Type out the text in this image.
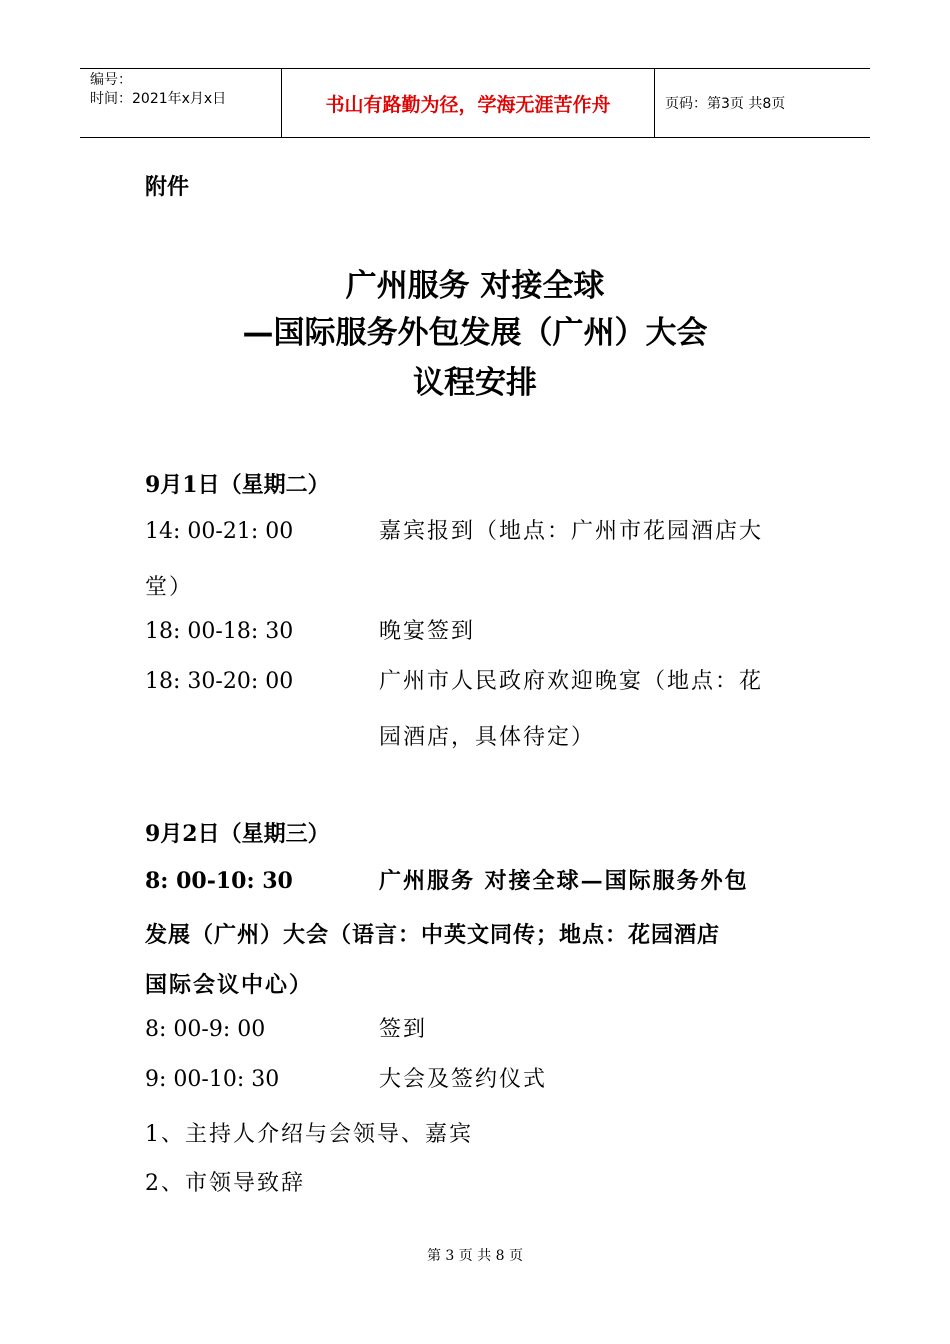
编号：
时间：2021年x月x日	书山有路勤为径，学海无涯苦作舟	页码：第3页 共8页
附件
广州服务 对接全球
—国际服务外包发展（广州）大会
议程安排
9月1日（星期二）
14: 00-21: 00	嘉宾报到（地点：广州市花园酒店大
堂）
18: 00-18: 30	晚宴签到
18: 30-20: 00	广州市人民政府欢迎晚宴（地点：花
园酒店，具体待定）
9月2日（星期三）
8: 00-10: 30	广州服务 对接全球—国际服务外包
发展（广州）大会（语言：中英文同传；地点：花园酒店
国际会议中心）
8: 00-9: 00	签到
9: 00-10: 30	大会及签约仪式
1、主持人介绍与会领导、嘉宾
2、市领导致辞
第 3 页 共 8 页
